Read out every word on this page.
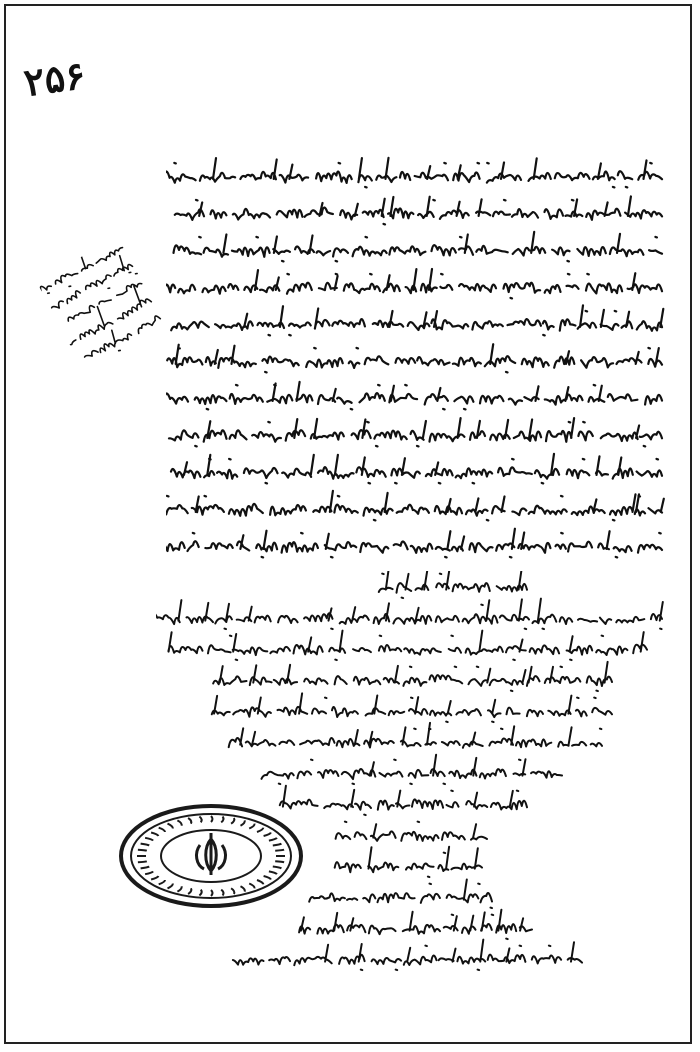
۲۵۶
